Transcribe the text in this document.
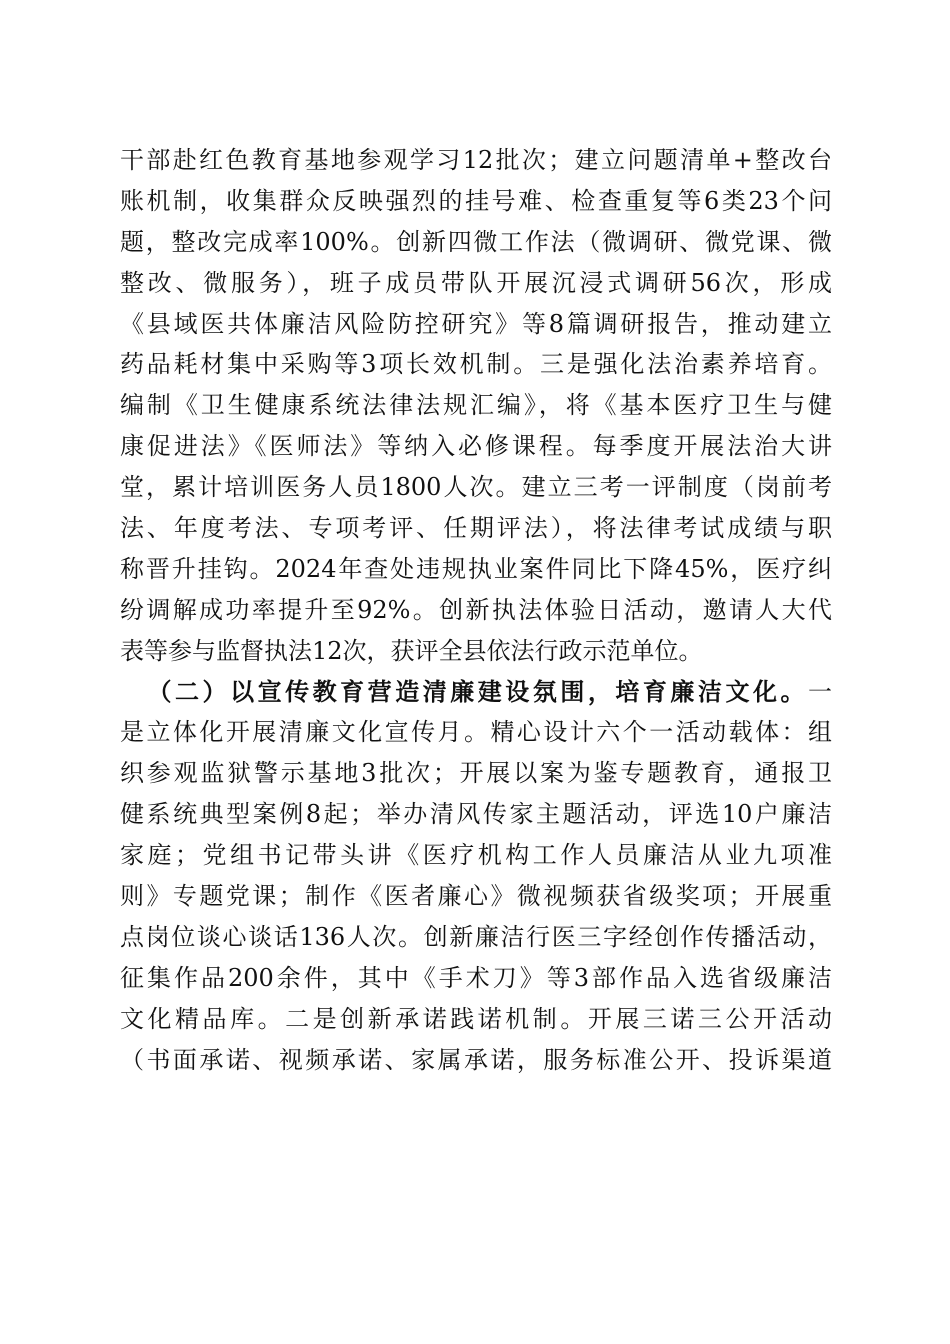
干部赴红色教育基地参观学习12批次；建立问题清单+整改台
账机制，收集群众反映强烈的挂号难、检查重复等6类23个问
题，整改完成率100%。创新四微工作法（微调研、微党课、微
整改、微服务），班子成员带队开展沉浸式调研56次，形成
《县域医共体廉洁风险防控研究》等8篇调研报告，推动建立
药品耗材集中采购等3项长效机制。三是强化法治素养培育。
编制《卫生健康系统法律法规汇编》，将《基本医疗卫生与健
康促进法》《医师法》等纳入必修课程。每季度开展法治大讲
堂，累计培训医务人员1800人次。建立三考一评制度（岗前考
法、年度考法、专项考评、任期评法），将法律考试成绩与职
称晋升挂钩。2024年查处违规执业案件同比下降45%，医疗纠
纷调解成功率提升至92%。创新执法体验日活动，邀请人大代
表等参与监督执法12次，获评全县依法行政示范单位。
（二）以宣传教育营造清廉建设氛围，培育廉洁文化。一
是立体化开展清廉文化宣传月。精心设计六个一活动载体：组
织参观监狱警示基地3批次；开展以案为鉴专题教育，通报卫
健系统典型案例8起；举办清风传家主题活动，评选10户廉洁
家庭；党组书记带头讲《医疗机构工作人员廉洁从业九项准
则》专题党课；制作《医者廉心》微视频获省级奖项；开展重
点岗位谈心谈话136人次。创新廉洁行医三字经创作传播活动，
征集作品200余件，其中《手术刀》等3部作品入选省级廉洁
文化精品库。二是创新承诺践诺机制。开展三诺三公开活动
（书面承诺、视频承诺、家属承诺，服务标准公开、投诉渠道
